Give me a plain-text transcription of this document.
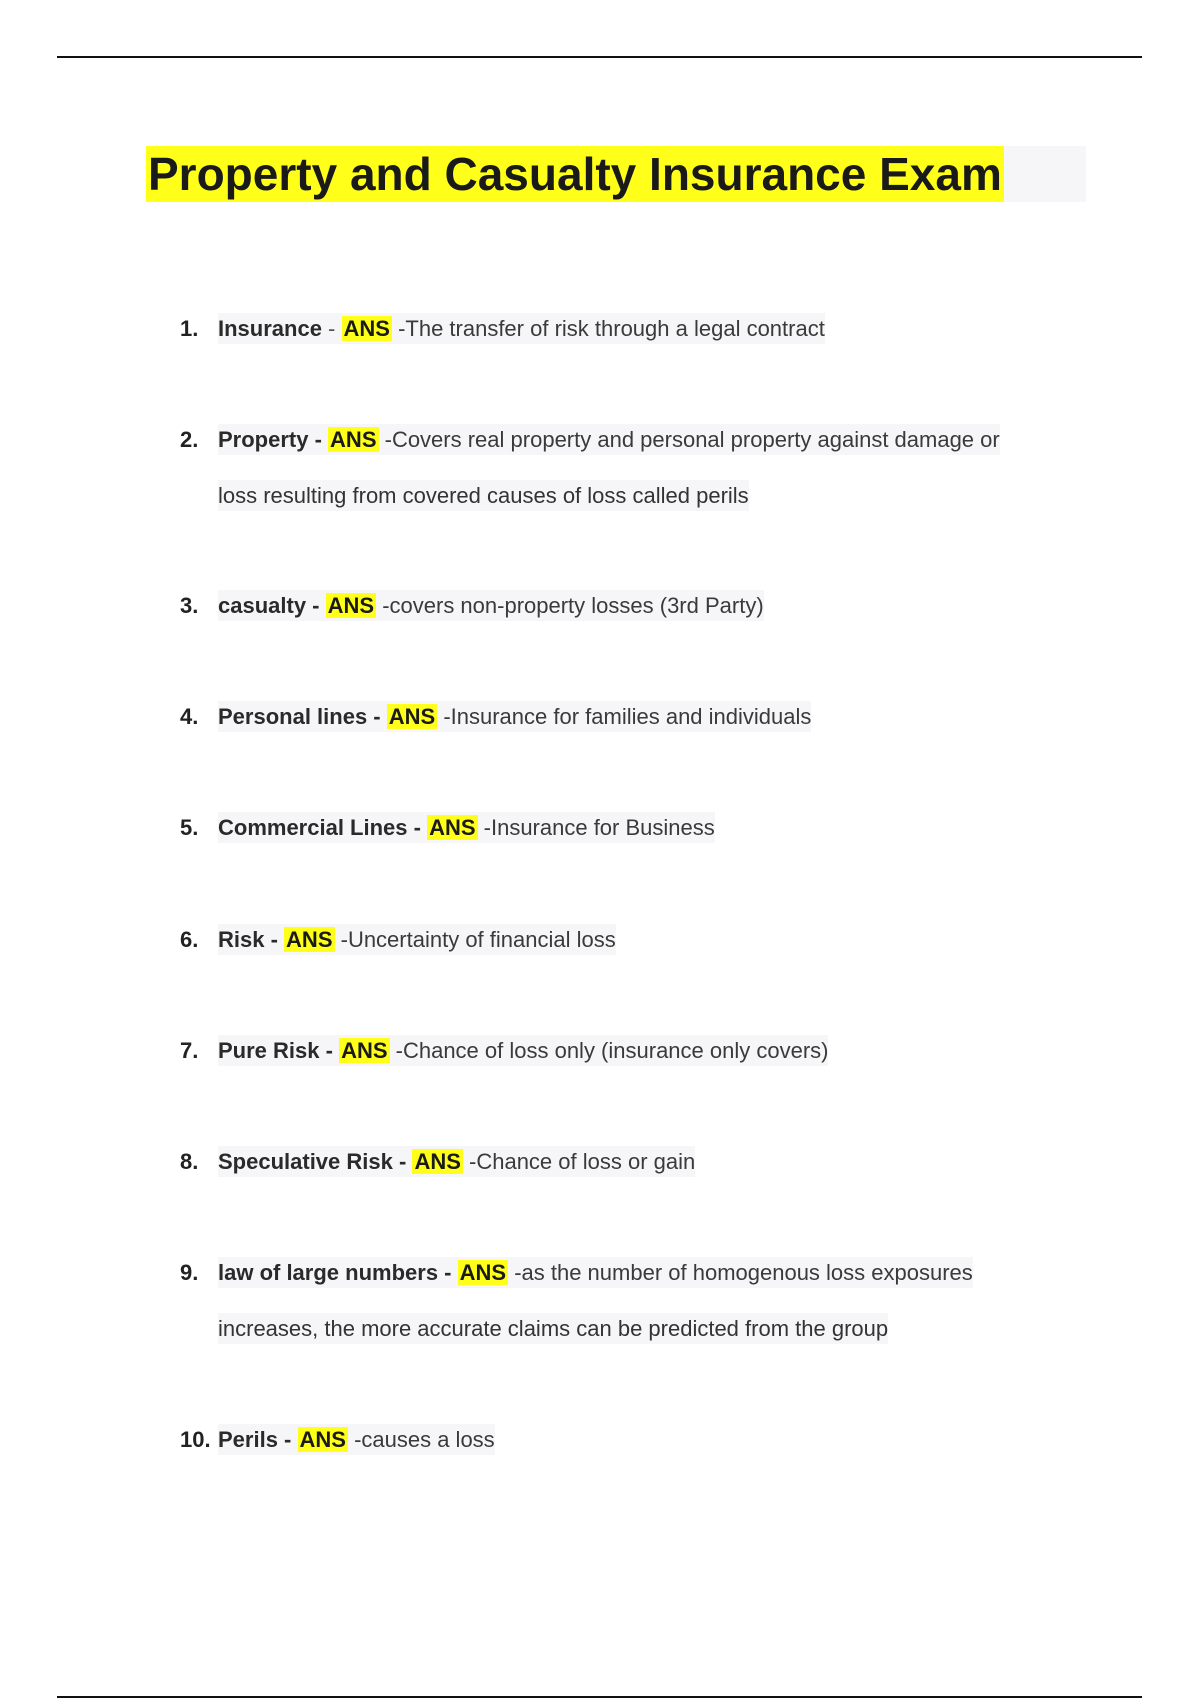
Property and Casualty Insurance Exam
1. Insurance - ANS -The transfer of risk through a legal contract
2. Property - ANS -Covers real property and personal property against damage or
loss resulting from covered causes of loss called perils
3. casualty - ANS -covers non-property losses (3rd Party)
4. Personal lines - ANS -Insurance for families and individuals
5. Commercial Lines - ANS -Insurance for Business
6. Risk - ANS -Uncertainty of financial loss
7. Pure Risk - ANS -Chance of loss only (insurance only covers)
8. Speculative Risk - ANS -Chance of loss or gain
9. law of large numbers - ANS -as the number of homogenous loss exposures
increases, the more accurate claims can be predicted from the group
10. Perils - ANS -causes a loss
